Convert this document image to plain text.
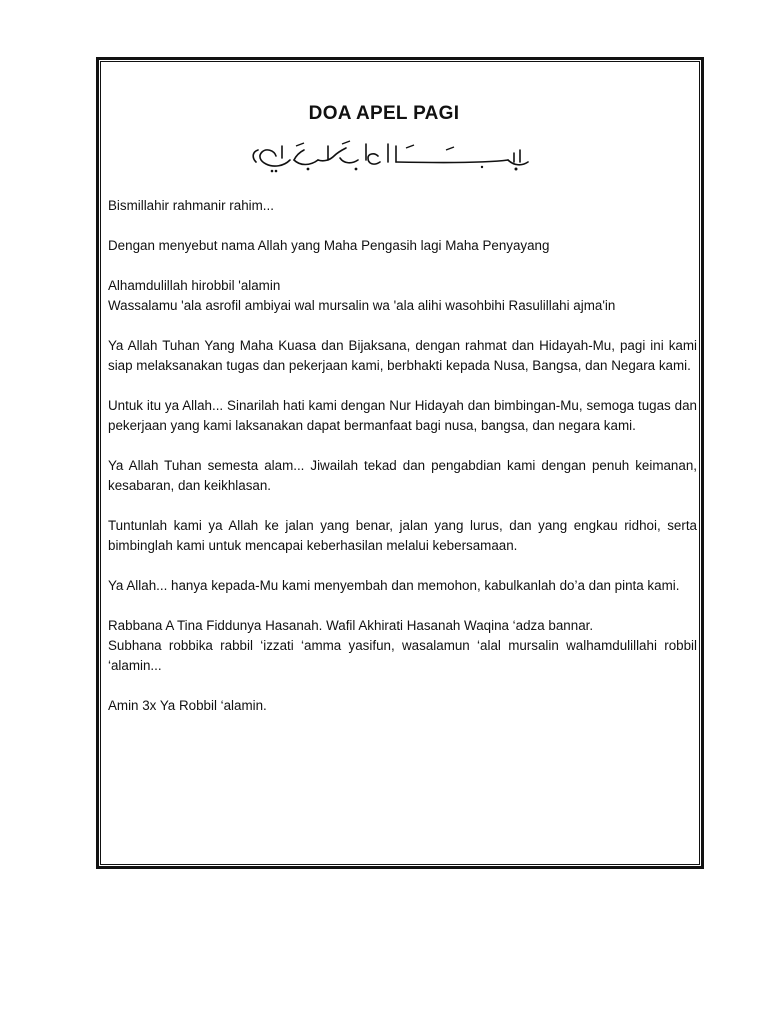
DOA APEL PAGI
Bismillahir rahmanir rahim...
Dengan menyebut nama Allah yang Maha Pengasih lagi Maha Penyayang
Alhamdulillah hirobbil 'alamin
Wassalamu 'ala asrofil ambiyai wal mursalin wa 'ala alihi wasohbihi Rasulillahi ajma'in
Ya Allah Tuhan Yang Maha Kuasa dan Bijaksana, dengan rahmat dan Hidayah-Mu, pagi ini kami siap melaksanakan tugas dan pekerjaan kami, berbhakti kepada Nusa, Bangsa, dan Negara kami.
Untuk itu ya Allah... Sinarilah hati kami dengan Nur Hidayah dan bimbingan-Mu, semoga tugas dan pekerjaan yang kami laksanakan dapat bermanfaat bagi nusa, bangsa, dan negara kami.
Ya Allah Tuhan semesta alam... Jiwailah tekad dan pengabdian kami dengan penuh keimanan, kesabaran, dan keikhlasan.
Tuntunlah kami ya Allah ke jalan yang benar, jalan yang lurus, dan yang engkau ridhoi, serta bimbinglah kami untuk mencapai keberhasilan melalui kebersamaan.
Ya Allah... hanya kepada-Mu kami menyembah dan memohon, kabulkanlah do’a dan pinta kami.
Rabbana A Tina Fiddunya Hasanah. Wafil Akhirati Hasanah Waqina ‘adza bannar.
Subhana robbika rabbil ‘izzati ‘amma yasifun, wasalamun ‘alal mursalin walhamdulillahi robbil ‘alamin...
Amin 3x Ya Robbil ‘alamin.
